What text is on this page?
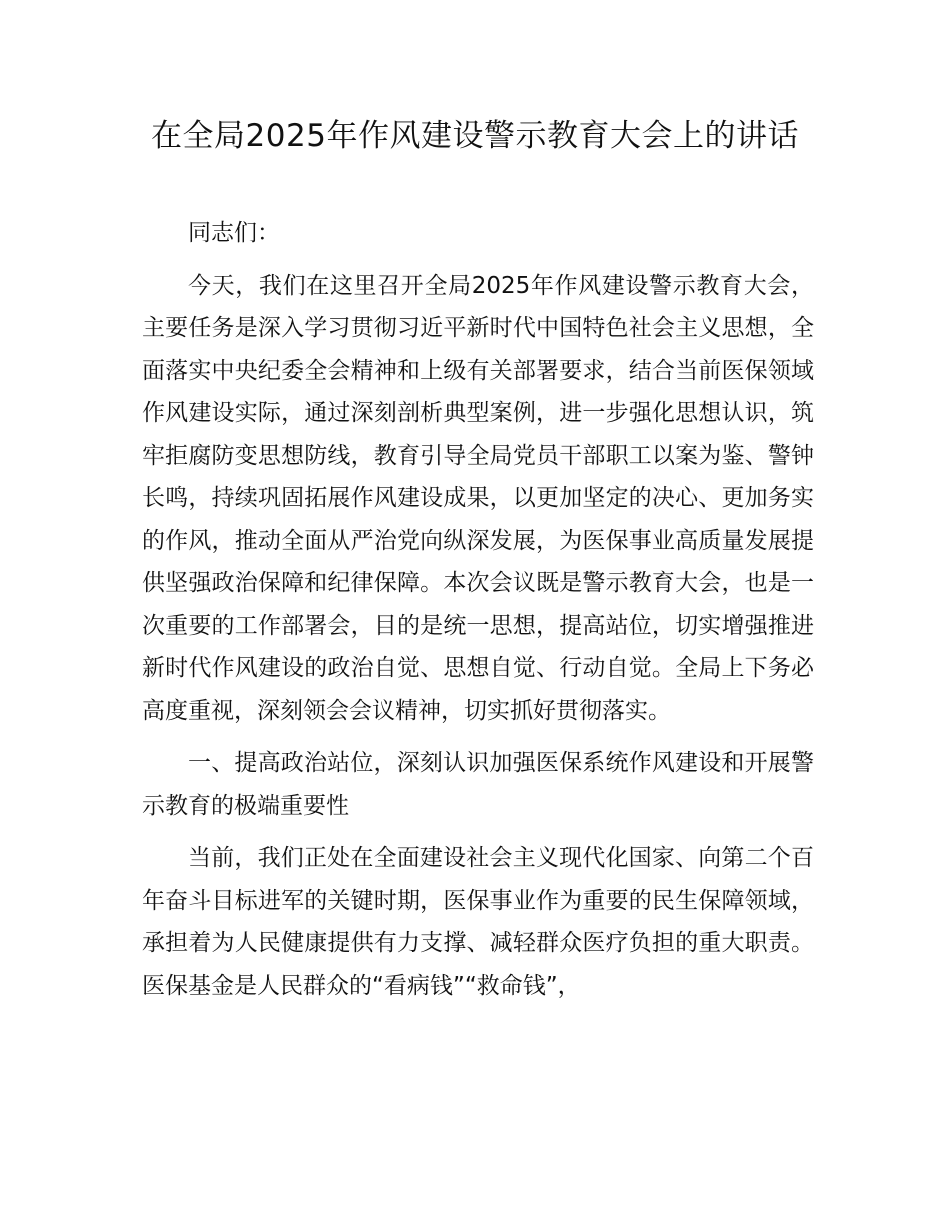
在全局2025年作风建设警示教育大会上的讲话

同志们：

今天，我们在这里召开全局2025年作风建设警示教育大会，主要任务是深入学习贯彻习近平新时代中国特色社会主义思想，全面落实中央纪委全会精神和上级有关部署要求，结合当前医保领域作风建设实际，通过深刻剖析典型案例，进一步强化思想认识，筑牢拒腐防变思想防线，教育引导全局党员干部职工以案为鉴、警钟长鸣，持续巩固拓展作风建设成果，以更加坚定的决心、更加务实的作风，推动全面从严治党向纵深发展，为医保事业高质量发展提供坚强政治保障和纪律保障。本次会议既是警示教育大会，也是一次重要的工作部署会，目的是统一思想，提高站位，切实增强推进新时代作风建设的政治自觉、思想自觉、行动自觉。全局上下务必高度重视，深刻领会会议精神，切实抓好贯彻落实。

一、提高政治站位，深刻认识加强医保系统作风建设和开展警示教育的极端重要性

当前，我们正处在全面建设社会主义现代化国家、向第二个百年奋斗目标进军的关键时期，医保事业作为重要的民生保障领域，承担着为人民健康提供有力支撑、减轻群众医疗负担的重大职责。医保基金是人民群众的“看病钱”“救命钱”，
